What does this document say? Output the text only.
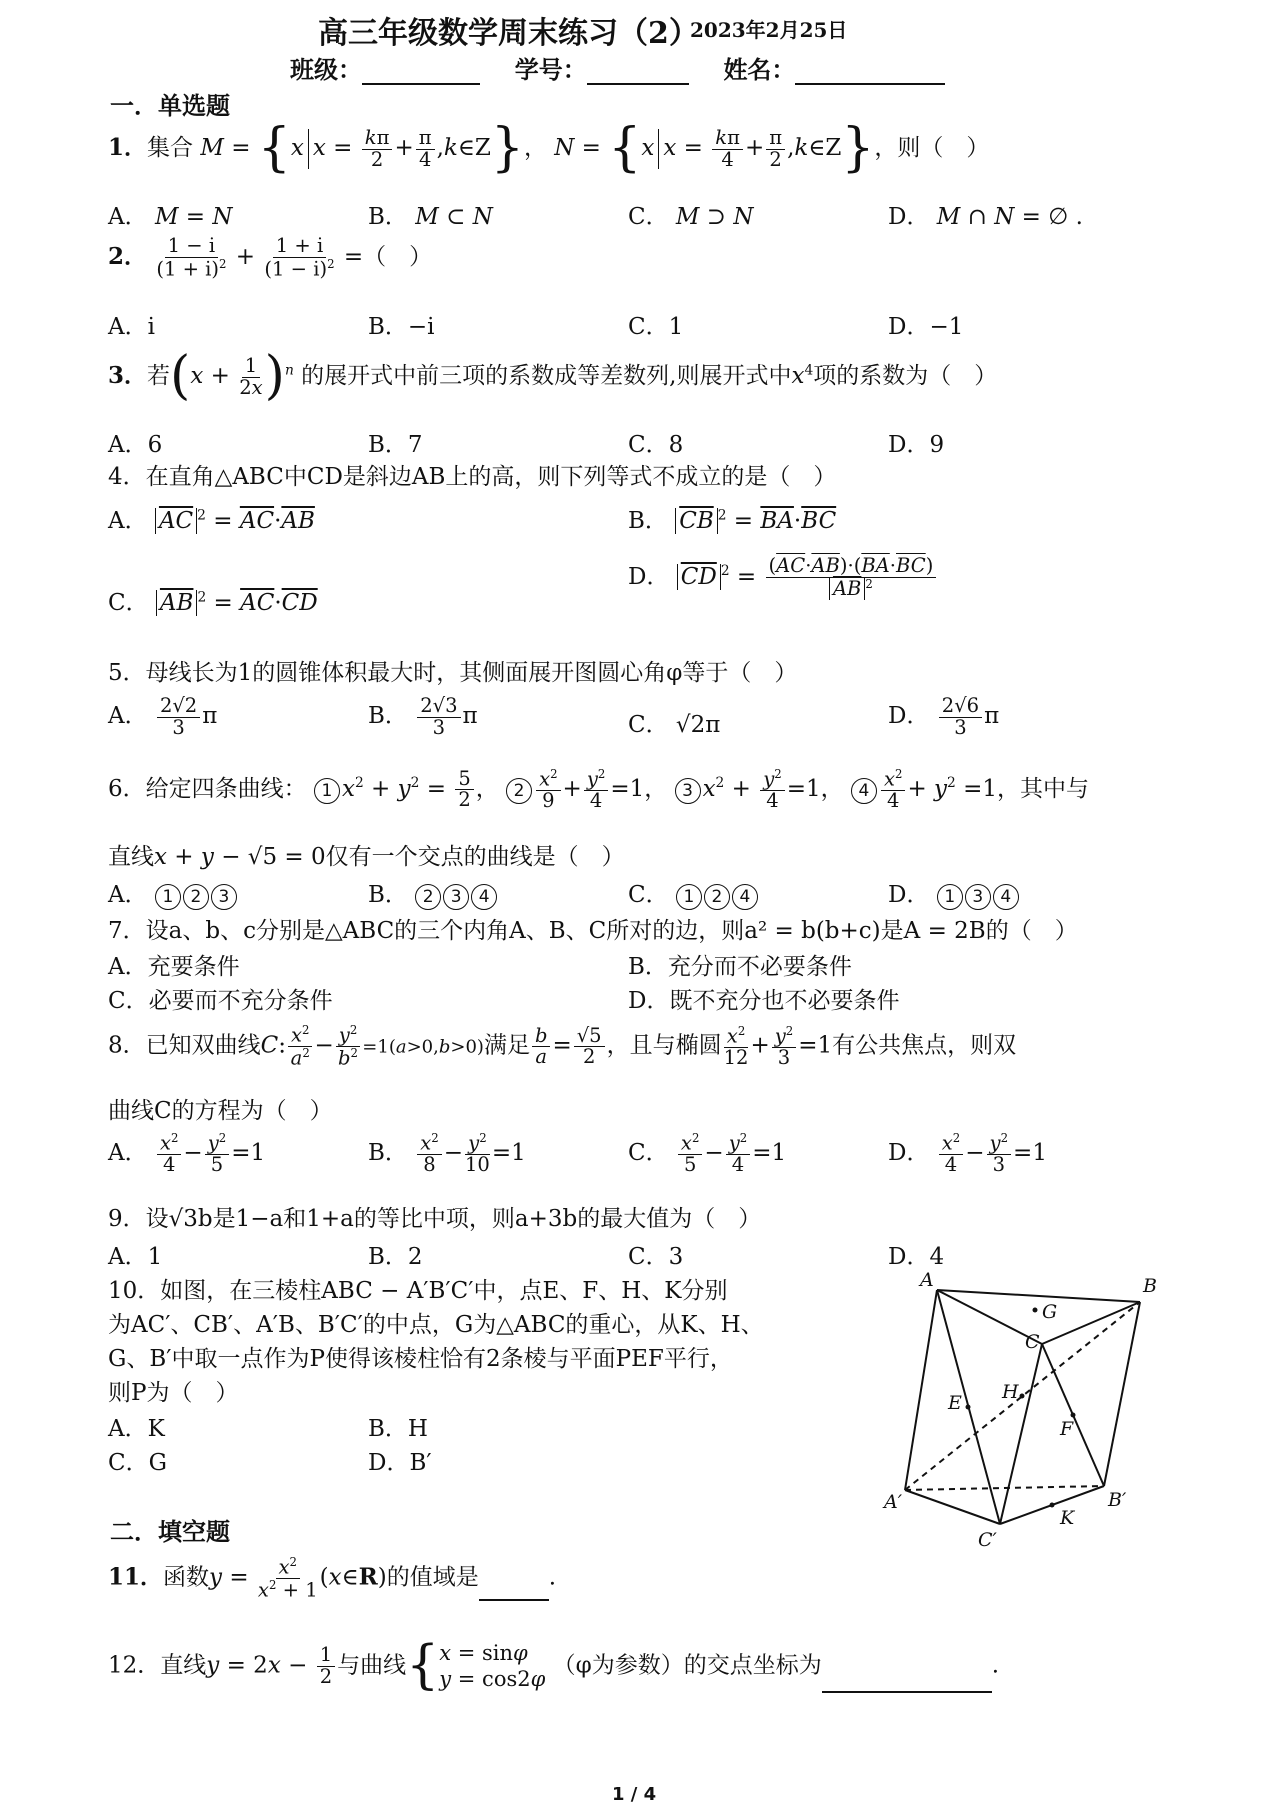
高三年级数学周末练习（2）
2023年2月25日
班级：	学号：	姓名：
一．单选题
1．集合 M = {x $x = \frac{k\pi}{2} + \frac{\pi}{4}$ ,k∈Z}， N = {x $x = \frac{k\pi}{4} + \frac{\pi}{2}$ ,k∈Z}，则（　）
A． M = N	B． M ⊂ N	C． M ⊃ N	D． M ∩ N = ∅ .
2． $\frac{1 - i}{(1 + i)^2} + \frac{1 + i}{(1 - i)^2}$ =（　）
A．i	B．−i	C．1	D．−1
3．若$(x + \frac{1}{2x} )^n$ 的展开式中前三项的系数成等差数列,则展开式中$x^4$项的系数为（　）
A．6	B．7	C．8	D．9
4．在直角△ABC中CD是斜边AB上的高，则下列等式不成立的是（　）
A． $\overline{AC}$ $^2 = \overline{AC}\cdot\overline{AB}$	B． $\overline{CB}$ $^2 = \overline{BA}\cdot\overline{BC}$
C． $\overline{AB}$ $^2 = \overline{AC}\cdot\overline{CD}$
D． $\overline{CD}$ $^2 = \frac{(\overline{AC}\cdot\overline{AB})\cdot(\overline{BA}\cdot\overline{BC})}{\overline{AB} ^2}$
5．母线长为1的圆锥体积最大时，其侧面展开图圆心角φ等于（　）
A． $\frac{2√2}{3}$ π	B． $\frac{2√3}{3}$ π	C． √2π	D． $\frac{2√6}{3}$ π
6．给定四条曲线： 1 $x^2 + y^2 = \frac{5}{2}$ ， $2 \frac{x^2}{9} + \frac{y^2}{4} =1$， 3 $x^2 + \frac{y^2}{4} =1$， $4 \frac{x^2}{4} + y^2 =1$，其中与
直线x + y − √5 = 0仅有一个交点的曲线是（　）
A． 1 2 3	B． 2 3 4	C． 1 2 4	D． 1 3 4
7．设a、b、c分别是△ABC的三个内角A、B、C所对的边，则a² = b(b+c)是A = 2B的（　）
A．充要条件	B．充分而不必要条件
C．必要而不充分条件	D．既不充分也不必要条件
8．已知双曲线C: $\frac{x^2}{a^2} - \frac{y^2}{b^2} =1(a>0,b>0)$满足 $\frac{b}{a} = \frac{√5}{2}$ ，且与椭圆 $\frac{x^2}{12} + \frac{y^2}{3} =1$有公共焦点，则双
曲线C的方程为（　）
A． $\frac{x^2}{4} - \frac{y^2}{5} =1$	B． $\frac{x^2}{8} - \frac{y^2}{10} =1$	C． $\frac{x^2}{5} - \frac{y^2}{4} =1$	D． $\frac{x^2}{4} - \frac{y^2}{3} =1$
9．设√3b是1−a和1+a的等比中项，则a+3b的最大值为（　）
A．1	B．2	C．3	D．4
10．如图，在三棱柱ABC − A′B′C′中，点E、F、H、K分别
为AC′、CB′、A′B、B′C′的中点，G为△ABC的重心，从K、H、
G、B′中取一点作为P使得该棱柱恰有2条棱与平面PEF平行，
则P为（　）
A．K	B．H
C．G	D．B′
A	B
G
C
H
E
F
A′	B′
C′
K
二．填空题
11．函数$y = \frac{x^2}{x^2 + 1}$ (x∈R)的值域是	.
12．直线$y = 2x - \frac{1}{2}$ 与曲线{ x = sinφ
y = cos2φ
（φ为参数）的交点坐标为	.
1 / 4
